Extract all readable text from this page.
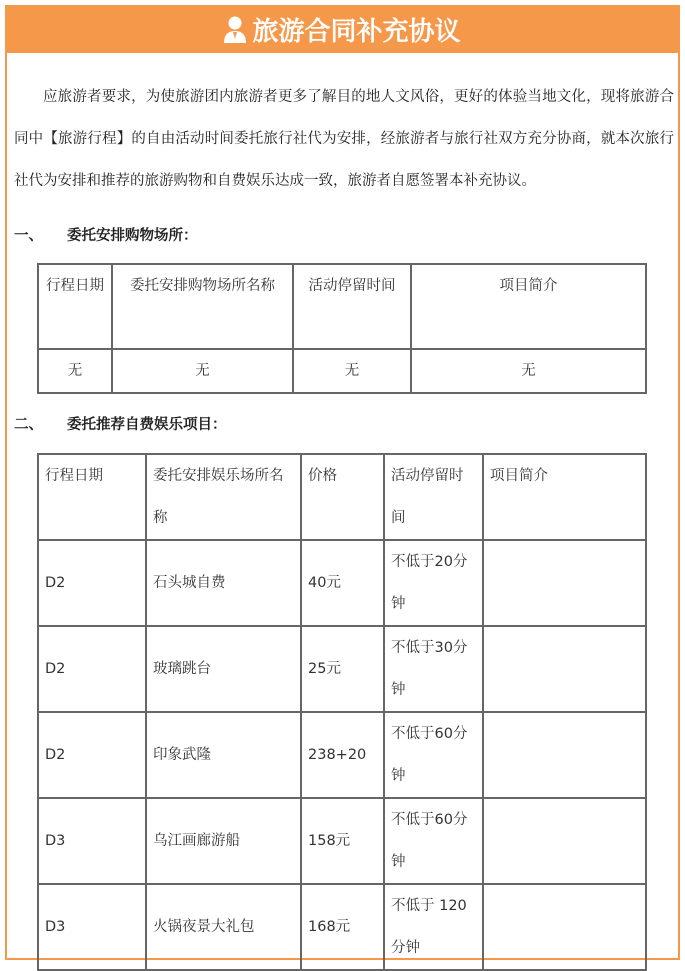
旅游合同补充协议
应旅游者要求，为使旅游团内旅游者更多了解目的地人文风俗，更好的体验当地文化，现将旅游合同中【旅游行程】的自由活动时间委托旅行社代为安排，经旅游者与旅行社双方充分协商，就本次旅行社代为安排和推荐的旅游购物和自费娱乐达成一致，旅游者自愿签署本补充协议。
一、 委托安排购物场所：
行程日期	委托安排购物场所名称	活动停留时间	项目简介
无	无	无	无
二、 委托推荐自费娱乐项目：
行程日期	委托安排娱乐场所名称	价格	活动停留时间	项目简介
D2	石头城自费	40元	不低于20分钟	
D2	玻璃跳台	25元	不低于30分钟	
D2	印象武隆	238+20	不低于60分钟	
D3	乌江画廊游船	158元	不低于60分钟	
D3	火锅夜景大礼包	168元	不低于 120 分钟	
